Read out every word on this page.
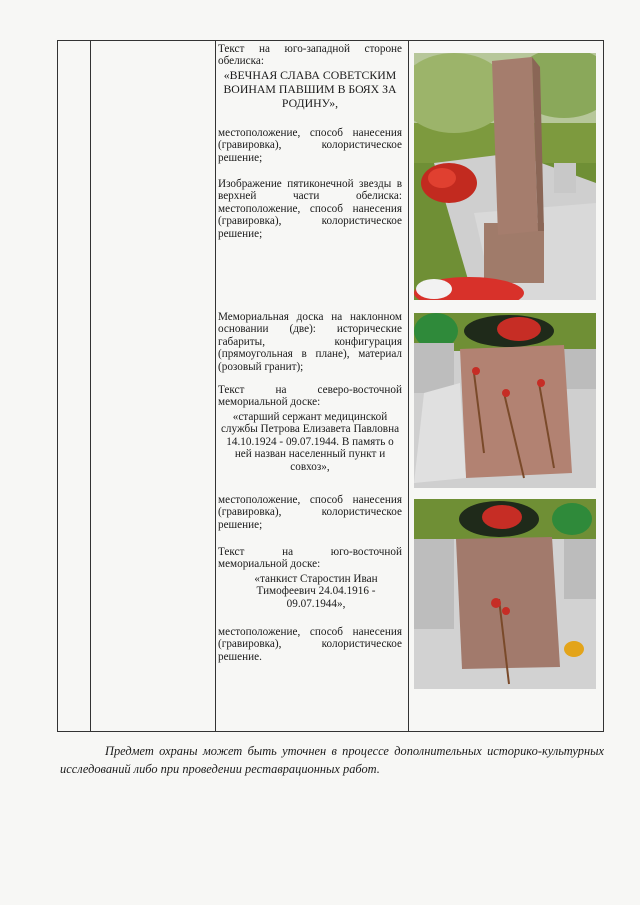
Текст на юго-западной стороне обелиска:
«ВЕЧНАЯ СЛАВА СОВЕТСКИМ ВОИНАМ ПАВШИМ В БОЯХ ЗА РОДИНУ»,
местоположение, способ нанесения (гравировка), колористическое решение;
Изображение пятиконечной звезды в верхней части обелиска: местоположение, способ нанесения (гравировка), колористическое решение;
Мемориальная доска на наклонном основании (две): исторические габариты, конфигурация (прямоугольная в плане), материал (розовый гранит);
Текст на северо-восточной мемориальной доске:
«старший сержант медицинской службы Петрова Елизавета Павловна 14.10.1924 - 09.07.1944. В память о ней назван населенный пункт и совхоз»,
местоположение, способ нанесения (гравировка), колористическое решение;
Текст на юго-восточной мемориальной доске:
«танкист Старостин Иван Тимофеевич 24.04.1916 - 09.07.1944»,
местоположение, способ нанесения (гравировка), колористическое решение.
Предмет охраны может быть уточнен в процессе дополнительных историко-культурных исследований либо при проведении реставрационных работ.
